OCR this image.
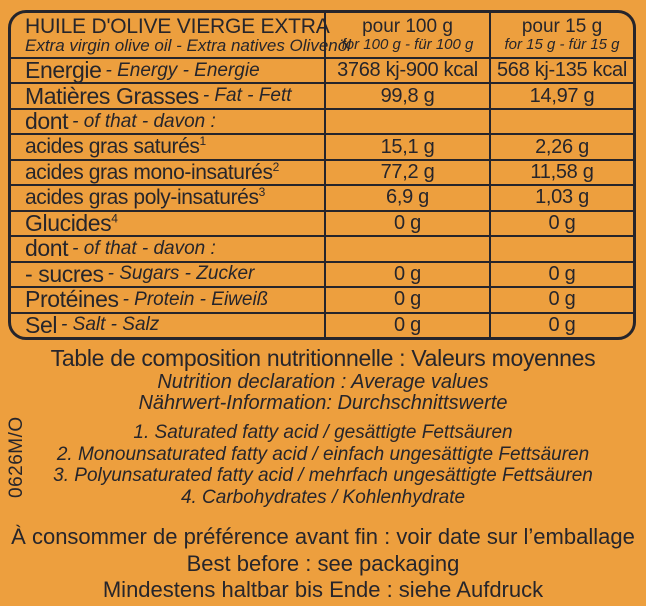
HUILE D'OLIVE VIERGE EXTRA
Extra virgin olive oil - Extra natives Olivenöl
pour 100 g
for 100 g - für 100 g
pour 15 g
for 15 g - für 15 g
Energie - Energy - Energie	3768 kj-900 kcal 568 kj-135 kcal
Matières Grasses - Fat - Fett	99,8 g	14,97 g
dont - of that - davon :
acides gras saturés$^1$	15,1 g	2,26 g
acides gras mono-insaturés$^2$	77,2 g	11,58 g
acides gras poly-insaturés$^3$	6,9 g	1,03 g
Glucides$^4$	0 g	0 g
dont - of that - davon :
- sucres - Sugars - Zucker	0 g	0 g
Protéines - Protein - Eiweiß	0 g	0 g
Sel - Salt - Salz	0 g	0 g
Table de composition nutritionnelle : Valeurs moyennes
Nutrition declaration : Average values
Nährwert-Information: Durchschnittswerte
1. Saturated fatty acid / gesättigte Fettsäuren
2. Monounsaturated fatty acid / einfach ungesättigte Fettsäuren
3. Polyunsaturated fatty acid / mehrfach ungesättigte Fettsäuren
4. Carbohydrates / Kohlenhydrate
0626M/O
À consommer de préférence avant fin : voir date sur l’emballage
Best before : see packaging
Mindestens haltbar bis Ende : siehe Aufdruck
